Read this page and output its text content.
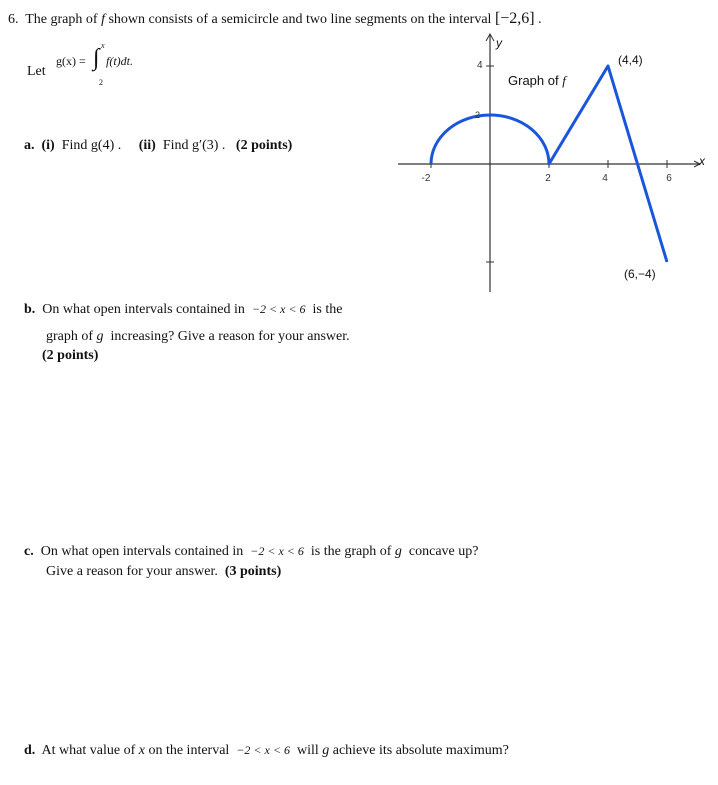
6. The graph of f shown consists of a semicircle and two line segments on the interval [−2,6] .
Let
g(x) = ∫ x
2
f(t)dt.
x
y
-2	2	4	6
4
2
Graph of f
(4,4)
(6,−4)
a. (i) Find g(4) . (ii) Find g′(3) . (2 points)
b. On what open intervals contained in −2 < x < 6 is the
graph of g increasing? Give a reason for your answer.
(2 points)
c. On what open intervals contained in −2 < x < 6 is the graph of g concave up?
Give a reason for your answer. (3 points)
d. At what value of x on the interval −2 < x < 6 will g achieve its absolute maximum?
